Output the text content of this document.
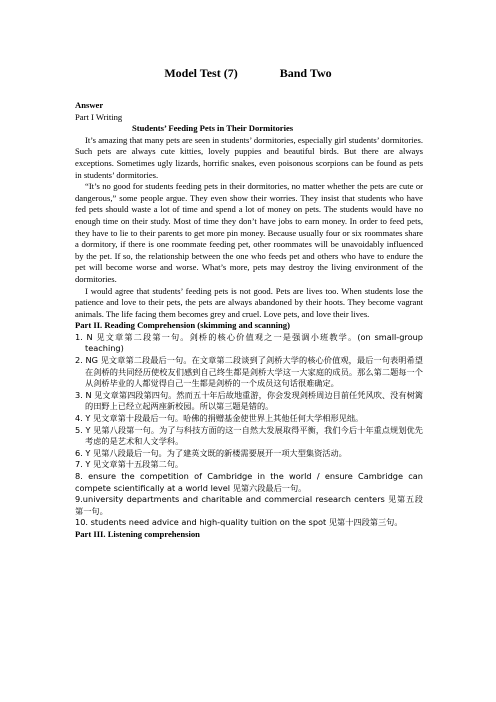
Model Test (7)	Band Two
Answer
Part I Writing
Students’ Feeding Pets in Their Dormitories
It’s amazing that many pets are seen in students’ dormitories, especially girl students’ dormitories. Such pets are always cute kitties, lovely puppies and beautiful birds. But there are always exceptions. Sometimes ugly lizards, horrific snakes, even poisonous scorpions can be found as pets in students’ dormitories.
“It’s no good for students feeding pets in their dormitories, no matter whether the pets are cute or dangerous,” some people argue. They even show their worries. They insist that students who have fed pets should waste a lot of time and spend a lot of money on pets. The students would have no enough time on their study. Most of time they don’t have jobs to earn money. In order to feed pets, they have to lie to their parents to get more pin money. Because usually four or six roommates share a dormitory, if there is one roommate feeding pet, other roommates will be unavoidably influenced by the pet. If so, the relationship between the one who feeds pet and others who have to endure the pet will become worse and worse. What’s more, pets may destroy the living environment of the dormitories.
I would agree that students’ feeding pets is not good. Pets are lives too. When students lose the patience and love to their pets, the pets are always abandoned by their hoots. They become vagrant animals. The life facing them becomes grey and cruel. Love pets, and love their lives.
Part II. Reading Comprehension (skimming and scanning)
1. N 见文章第二段第一句。剑桥的核心价值观之一是强调小班教学。(on small-group teaching)
2. NG 见文章第二段最后一句。在文章第二段谈到了剑桥大学的核心价值观，最后一句表明希望在剑桥的共同经历使校友们感到自己终生都是剑桥大学这一大家庭的成员。那么第二题每一个从剑桥毕业的人都觉得自己一生都是剑桥的一个成员这句话很难确定。
3. N 见文章第四段第四句。然而五十年后故地重游，你会发现剑桥周边目前任凭风吹、没有树篱的田野上已经立起两座新校园。所以第三题是错的。
4. Y 见文章第十段最后一句。哈佛的捐赠基金使世界上其他任何大学相形见绌。
5. Y 见第八段第一句。为了与科技方面的这一自然大发展取得平衡，我们今后十年重点规划优先考虑的是艺术和人文学科。
6. Y 见第八段最后一句。为了建英文既的新楼需要展开一项大型集资活动。
7. Y 见文章第十五段第二句。
8. ensure the competition of Cambridge in the world / ensure Cambridge can compete scientifically at a world level 见第六段最后一句。
9.university departments and charitable and commercial research centers 见第五段第一句。
10. students need advice and high-quality tuition on the spot 见第十四段第三句。
Part III. Listening comprehension
